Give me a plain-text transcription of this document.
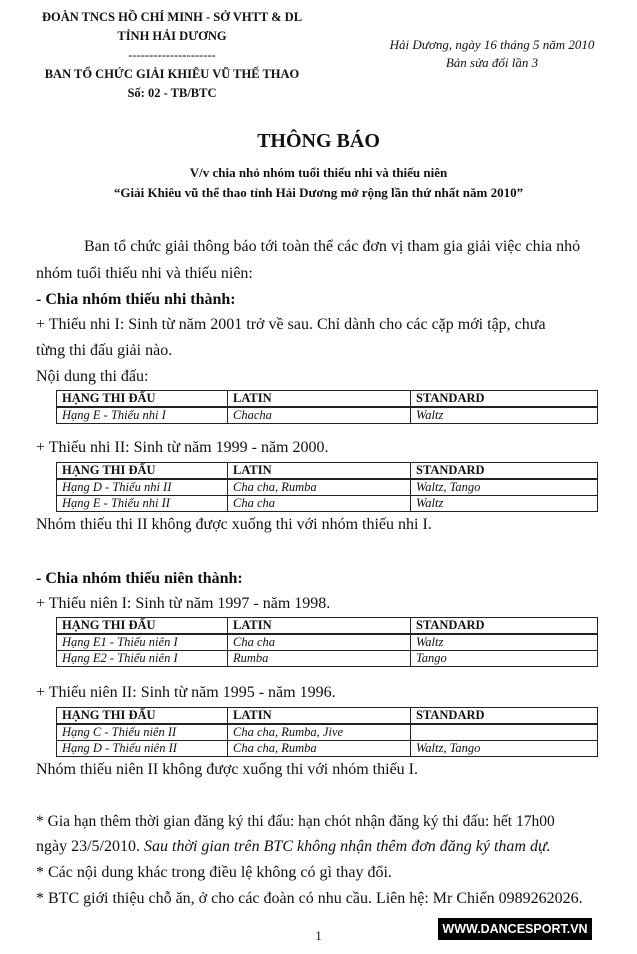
ĐOÀN TNCS HỒ CHÍ MINH - SỞ VHTT & DL
TỈNH HẢI DƯƠNG
---------------------
BAN TỔ CHỨC GIẢI KHIÊU VŨ THỂ THAO
Số: 02 - TB/BTC
Hải Dương, ngày 16 tháng 5 năm 2010
Bản sửa đổi lần 3
THÔNG BÁO
V/v chia nhỏ nhóm tuổi thiếu nhi và thiếu niên
“Giải Khiêu vũ thể thao tỉnh Hải Dương mở rộng lần thứ nhất năm 2010”
Ban tổ chức giải thông báo tới toàn thể các đơn vị tham gia giải việc chia nhỏ
nhóm tuổi thiếu nhi và thiếu niên:
- Chia nhóm thiếu nhi thành:
+ Thiếu nhi I: Sinh từ năm 2001 trở về sau. Chỉ dành cho các cặp mới tập, chưa
từng thi đấu giải nào.
Nội dung thi đấu:
HẠNG THI ĐẤU	LATIN	STANDARD
Hạng E - Thiếu nhi I	Chacha	Waltz
+ Thiếu nhi II: Sinh từ năm 1999 - năm 2000.
HẠNG THI ĐẤU	LATIN	STANDARD
Hạng D - Thiếu nhi II	Cha cha, Rumba	Waltz, Tango
Hạng E - Thiếu nhi II	Cha cha	Waltz
Nhóm thiếu thi II không được xuống thi với nhóm thiếu nhi I.
- Chia nhóm thiếu niên thành:
+ Thiếu niên I: Sinh từ năm 1997 - năm 1998.
HẠNG THI ĐẤU	LATIN	STANDARD
Hạng E1 - Thiếu niên I	Cha cha	Waltz
Hạng E2 - Thiếu niên I	Rumba	Tango
+ Thiếu niên II: Sinh từ năm 1995 - năm 1996.
HẠNG THI ĐẤU	LATIN	STANDARD
Hạng C - Thiếu niên II	Cha cha, Rumba, Jive	
Hạng D - Thiếu niên II	Cha cha, Rumba	Waltz, Tango
Nhóm thiếu niên II không được xuống thi với nhóm thiếu I.
* Gia hạn thêm thời gian đăng ký thi đấu: hạn chót nhận đăng ký thi đấu: hết 17h00
ngày 23/5/2010. Sau thời gian trên BTC không nhận thêm đơn đăng ký tham dự.
* Các nội dung khác trong điều lệ không có gì thay đổi.
* BTC giới thiệu chỗ ăn, ở cho các đoàn có nhu cầu. Liên hệ: Mr Chiến 0989262026.
1	WWW.DANCESPORT.VN
